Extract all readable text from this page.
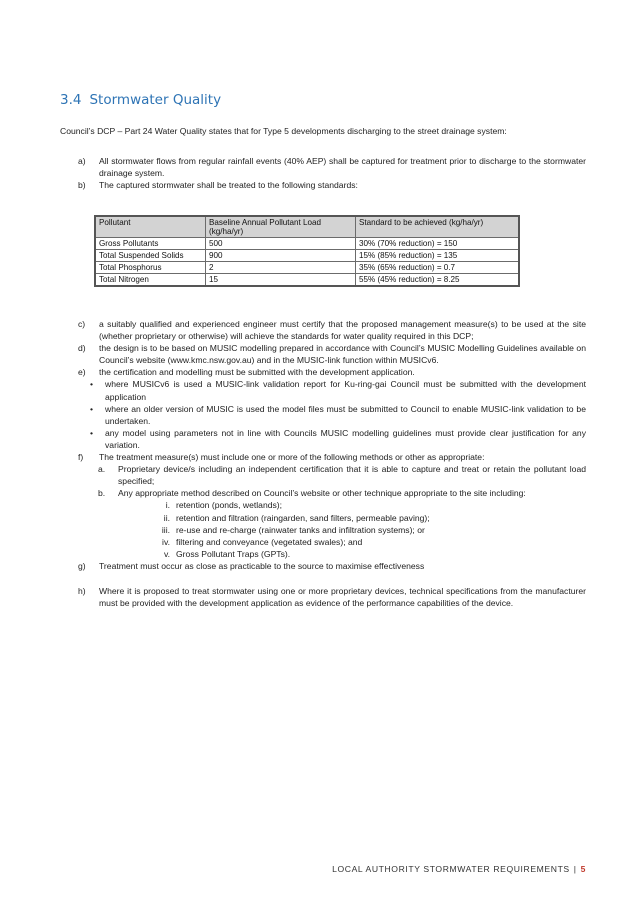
3.4 Stormwater Quality
Council’s DCP – Part 24 Water Quality states that for Type 5 developments discharging to the street drainage system:
a) All stormwater flows from regular rainfall events (40% AEP) shall be captured for treatment prior to discharge to the stormwater drainage system.
b) The captured stormwater shall be treated to the following standards:
Pollutant	Baseline Annual Pollutant Load (kg/ha/yr)	Standard to be achieved (kg/ha/yr)
Gross Pollutants	500	30% (70% reduction) = 150
Total Suspended Solids	900	15% (85% reduction) = 135
Total Phosphorus	2	35% (65% reduction) = 0.7
Total Nitrogen	15	55% (45% reduction) = 8.25
c) a suitably qualified and experienced engineer must certify that the proposed management measure(s) to be used at the site (whether proprietary or otherwise) will achieve the standards for water quality required in this DCP;
d) the design is to be based on MUSIC modelling prepared in accordance with Council’s MUSIC Modelling Guidelines available on Council’s website (www.kmc.nsw.gov.au) and in the MUSIC-link function within MUSICv6.
e) the certification and modelling must be submitted with the development application.
• where MUSICv6 is used a MUSIC-link validation report for Ku-ring-gai Council must be submitted with the development application
• where an older version of MUSIC is used the model files must be submitted to Council to enable MUSIC-link validation to be undertaken.
• any model using parameters not in line with Councils MUSIC modelling guidelines must provide clear justification for any variation.
f) The treatment measure(s) must include one or more of the following methods or other as appropriate:
a. Proprietary device/s including an independent certification that it is able to capture and treat or retain the pollutant load specified;
b. Any appropriate method described on Council’s website or other technique appropriate to the site including:
i. retention (ponds, wetlands);
ii. retention and filtration (raingarden, sand filters, permeable paving);
iii. re-use and re-charge (rainwater tanks and infiltration systems); or
iv. filtering and conveyance (vegetated swales); and
v. Gross Pollutant Traps (GPTs).
g) Treatment must occur as close as practicable to the source to maximise effectiveness
h) Where it is proposed to treat stormwater using one or more proprietary devices, technical specifications from the manufacturer must be provided with the development application as evidence of the performance capabilities of the device.
LOCAL AUTHORITY STORMWATER REQUIREMENTS | 5
